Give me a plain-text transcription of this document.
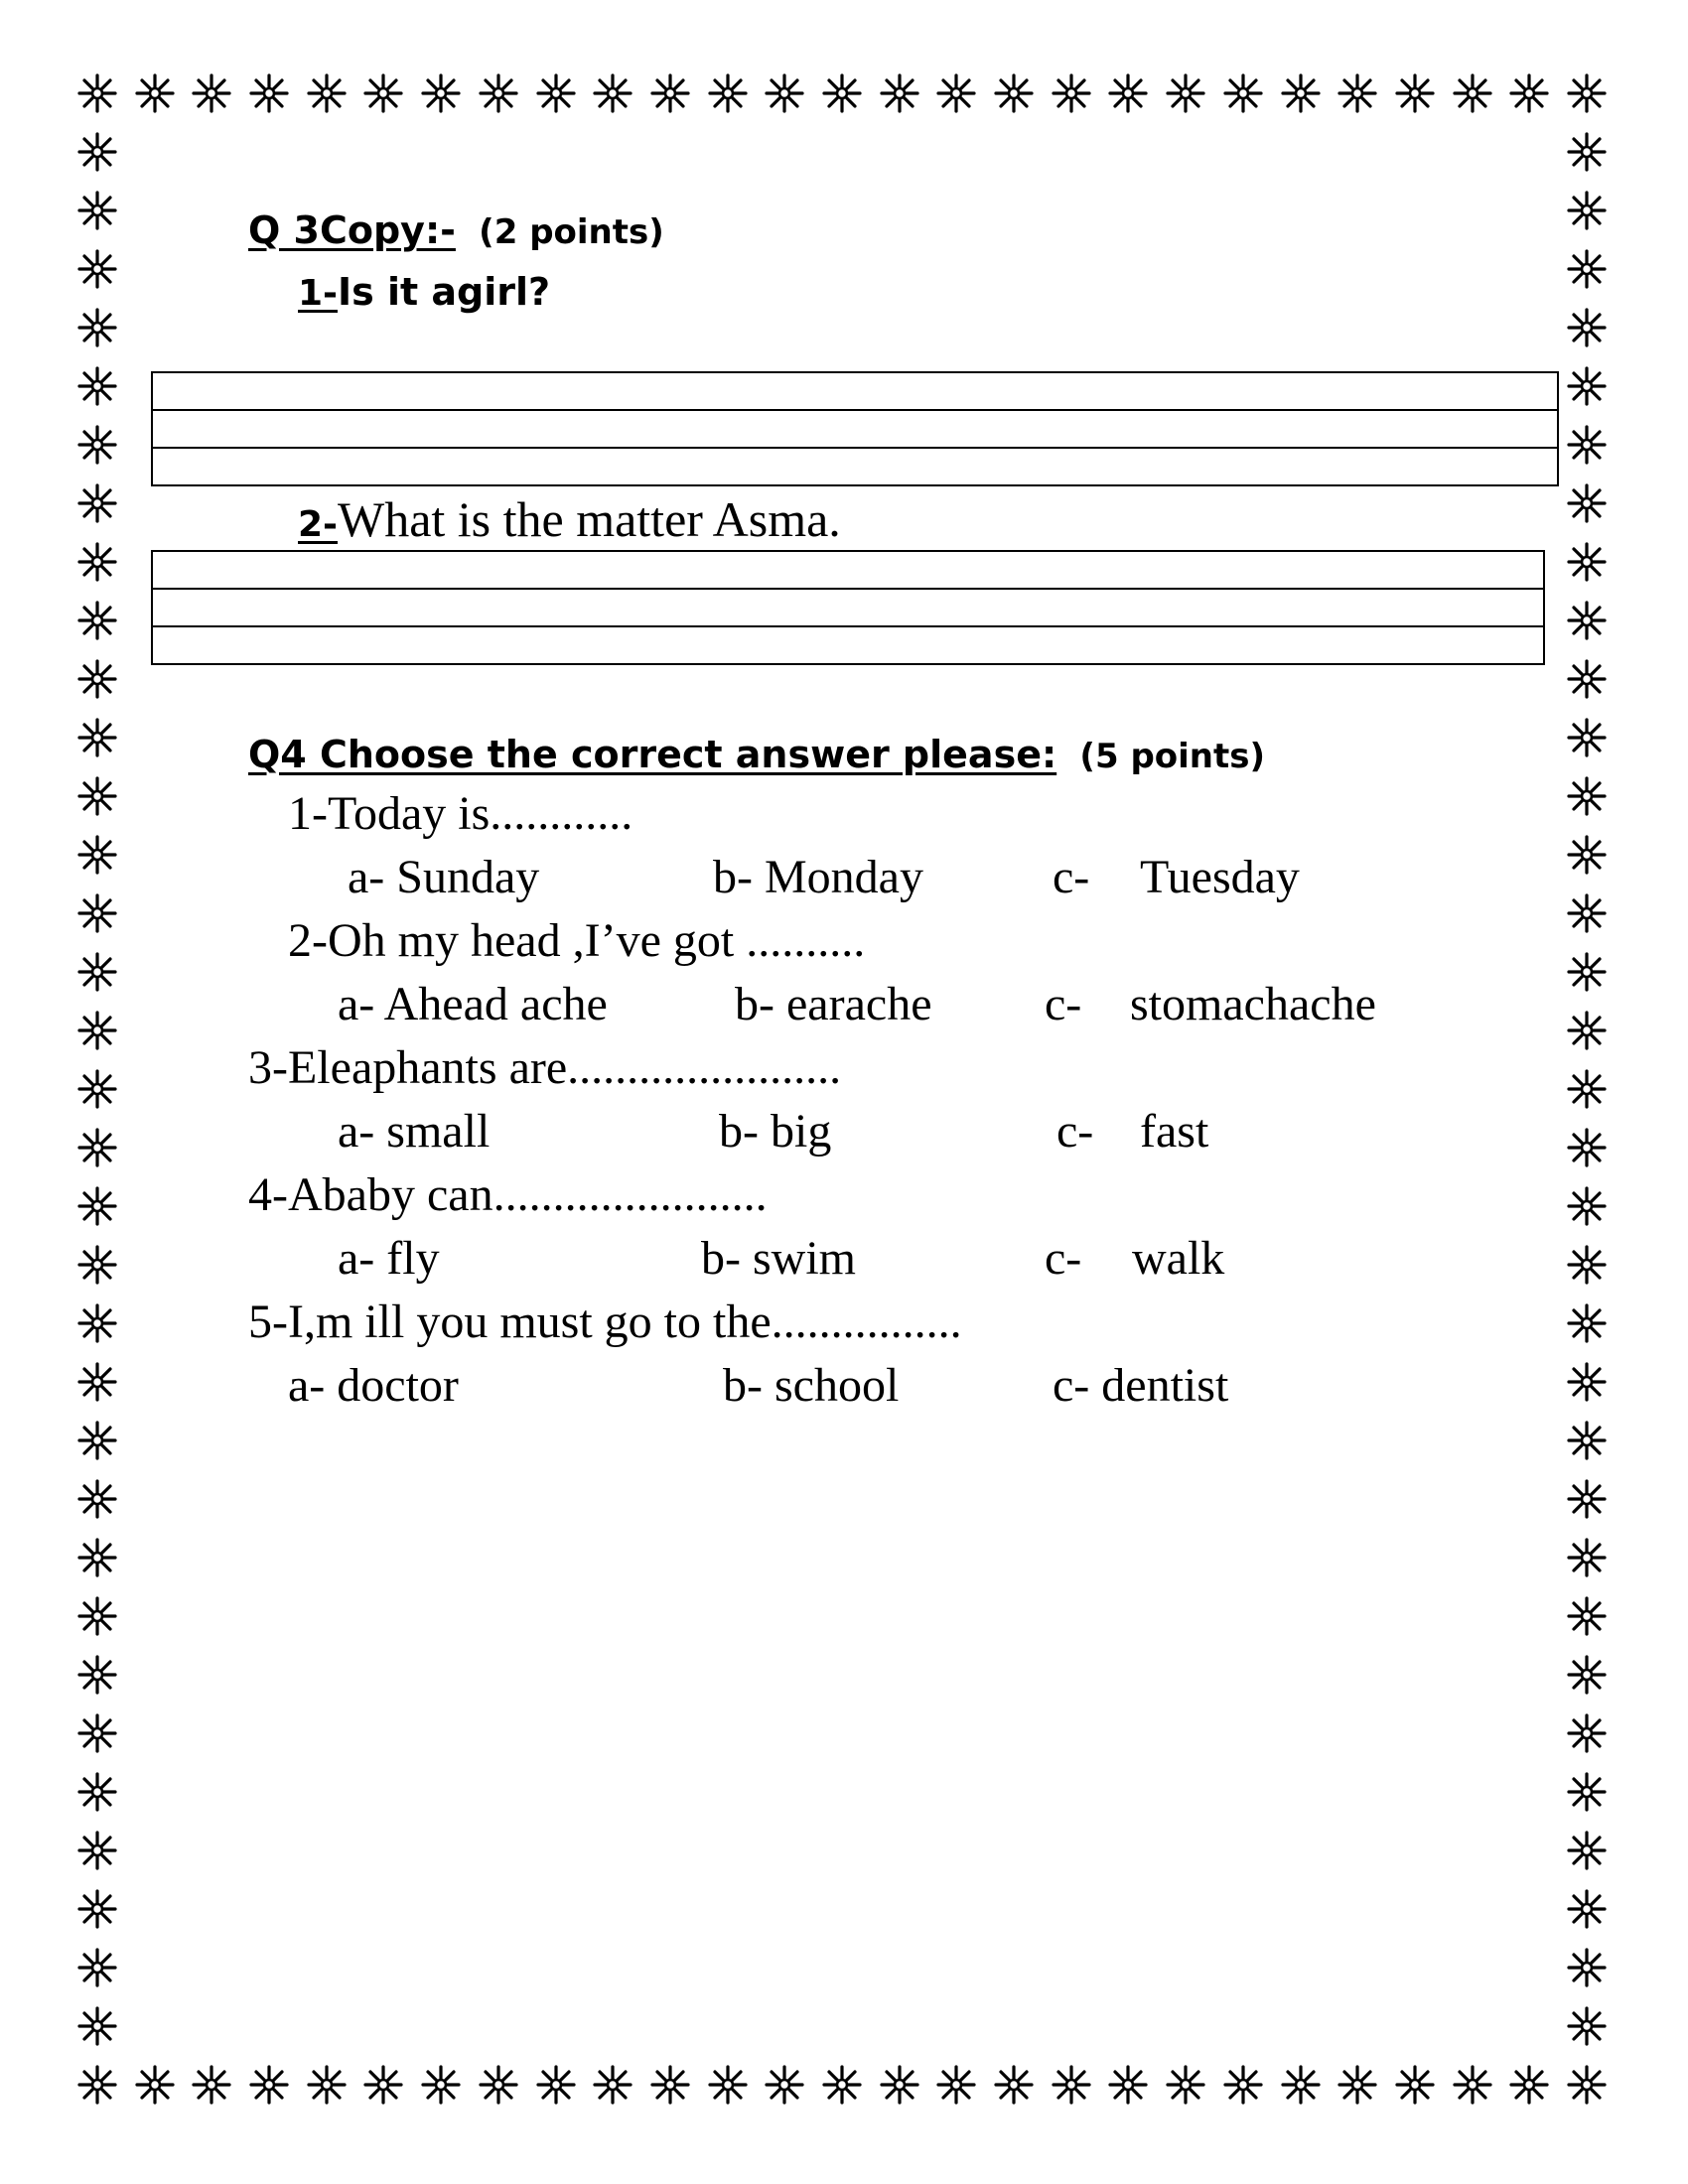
Q 3Copy:- (2 points)
1-Is it agirl?
2-What is the matter Asma.
Q4 Choose the correct answer please: (5 points)
1-Today is............
a- Sunday	b- Monday	c- Tuesday
2-Oh my head ,I’ve got ..........
a- Ahead ache	b- earache c- stomachache
3-Eleaphants are.......................
a- small	b- big	c- fast
4-Ababy can.......................
a- fly	b- swim	c- walk
5-I,m ill you must go to the................
a- doctor	b- school	c- dentist
